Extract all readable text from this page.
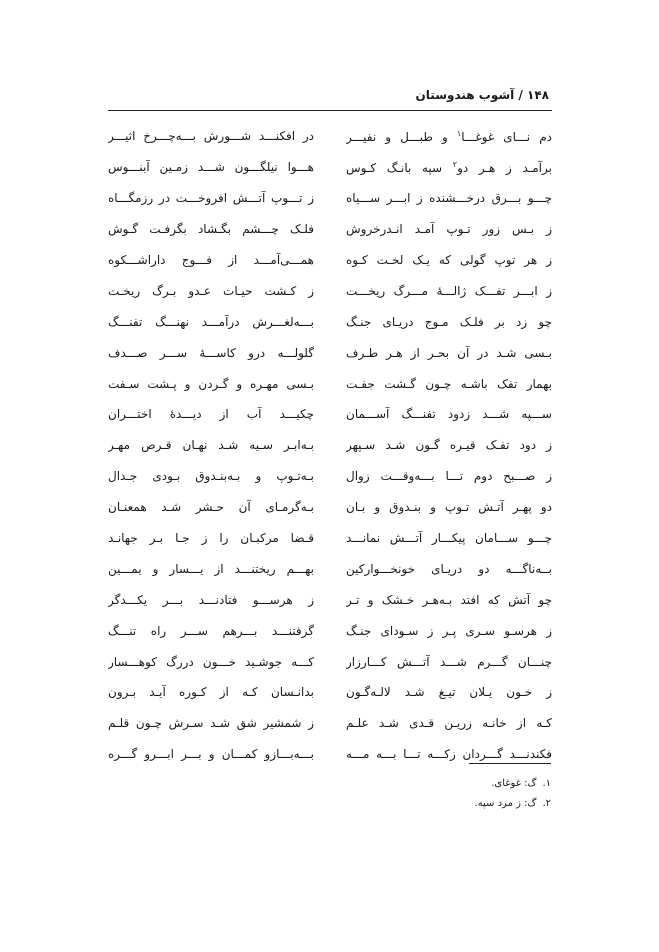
۱۴۸ / آشوب هندوستان
دم نـــای غوغـــا$^۱$ و طبـــل و نفیـــر
در افکنـــد شـــورش بـــه‌چـــرخ اثیـــر
برآمـد ز هـر دو$^۲$ سپه بانـگ کـوس
هـــوا نیلگـــون شـــد زمـین آبنـــوس
چـــو بـــرق درخـــشنده ز ابـــر ســـیاه
ز تـــوپ آتـــش افروخـــت در رزمگـــاه
ز بـس زور تـوپ آمـد انـدرخروش
فلـک چـــشم بگـشاد بگرفـت گـوش
ز هر توپ گولی که یـک لخـت کـوه
همـــی‌آمـــد از فـــوج داراشـــکوه
ز ابـــر تفـــک ژالـــهٔ مـــرگ ریخـــت
ز کـشت حیـات عـدو بـرگ ریخـت
چو زد بر فلـک مـوج دریـای جنـگ
بـــه‌لغـــرش درآمـــد نهنـــگ تفنـــگ
بـسی شـد در آن بحـر از هـر طـرف
گلولـــه درو کاســـهٔ ســـر صـــدف
بهمار تفک باشـه چـون گـشت جفـت
بـسی مهـره و گـردن و پـشت سـفت
ســـپه شـــد زدود تفنـــگ آســـمان
چکیـــد آب از دیـــدهٔ اختـــران
ز دود تفـک قیـره گـون شـد سـپهر
بـه‌ابـر سـیه شـد نهـان قـرص مهـر
ز صـــبح دوم تـــا بـــه‌وقـــت زوال
بـه‌تـوپ و بـه‌بنـدوق بـودی جـدال
دو پهـر آتـش تـوپ و بنـدوق و بـان
بـه‌گرمـای آن حـشر شـد همعنـان
چـــو ســـامان پیکـــار آتـــش نمانـــد
قـضا مرکبـان را ز جـا بـر جهانـد
بــه‌ناگـــه دو دریـای خونخـــوارکین
بهـــم ریختنـــد از یـــسار و یمـــین
چو آتش که افتد بـه‌هـر خـشک و تـر
ز هرســـو فتادنـــد بـــر یکـــدگر
ز هرسـو سـری پـر ز سـودای جنـگ
گرفتنـــد بـــرهم ســـر راه تنـــگ
چنـــان گـــرم شـــد آتـــش کـــارزار
کـــه جوشـید خـــون دررگ کوهـــسار
ز خـون یـلان تیـغ شـد لالـه‌گـون
بدانـسان کـه از کـوره آیـد بـرون
کـه از خانـه زریـن قـدی شـد علـم
ز شمشیر شق شـد سـرش چـون قلـم
فکندنـــد گـــردان زکـــه تـــا بـــه مـــه
بـــه‌بـــازو کمـــان و بـــر ابـــرو گـــره
۱.گ: غوغای.
۲.گ: ز مرد سپه.
